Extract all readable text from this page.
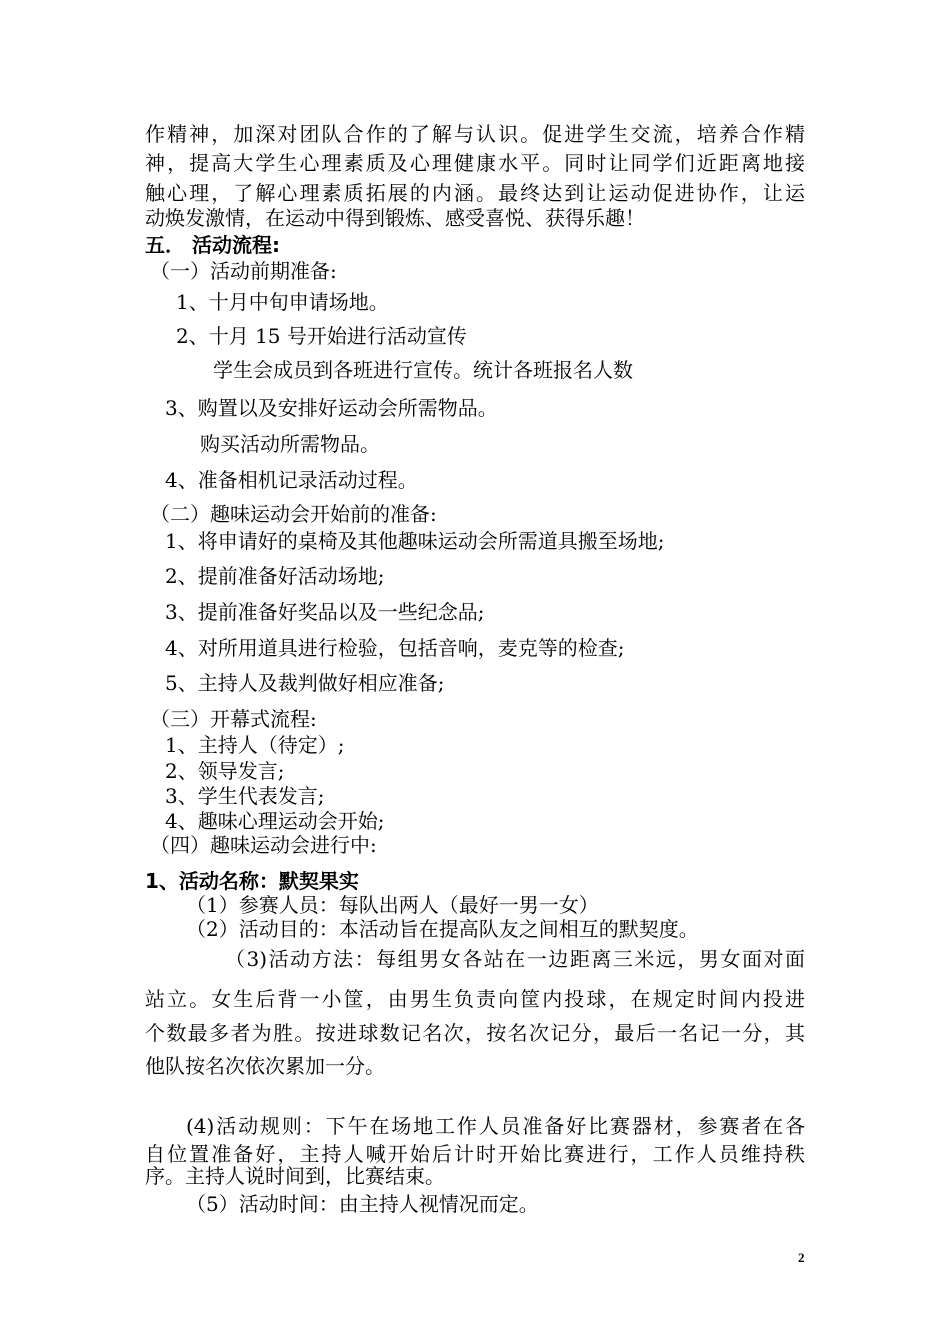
作精神，加深对团队合作的了解与认识。促进学生交流，培养合作精
神，提高大学生心理素质及心理健康水平。同时让同学们近距离地接
触心理，了解心理素质拓展的内涵。最终达到让运动促进协作，让运
动焕发激情，在运动中得到锻炼、感受喜悦、获得乐趣！
五． 活动流程:
（一）活动前期准备:
1、十月中旬申请场地。
2、十月 15 号开始进行活动宣传
学生会成员到各班进行宣传。统计各班报名人数
3、购置以及安排好运动会所需物品。
购买活动所需物品。
4、准备相机记录活动过程。
（二）趣味运动会开始前的准备:
1、将申请好的桌椅及其他趣味运动会所需道具搬至场地;
2、提前准备好活动场地;
3、提前准备好奖品以及一些纪念品;
4、对所用道具进行检验，包括音响，麦克等的检查;
5、主持人及裁判做好相应准备;
（三）开幕式流程:
1、主持人（待定）;
2、领导发言;
3、学生代表发言;
4、趣味心理运动会开始;
（四）趣味运动会进行中:
1、活动名称：默契果实
（1）参赛人员：每队出两人（最好一男一女）
（2）活动目的：本活动旨在提高队友之间相互的默契度。
（3)活动方法：每组男女各站在一边距离三米远，男女面对面
站立。女生后背一小筐，由男生负责向筐内投球，在规定时间内投进
个数最多者为胜。按进球数记名次，按名次记分，最后一名记一分，其
他队按名次依次累加一分。
(4)活动规则：下午在场地工作人员准备好比赛器材，参赛者在各
自位置准备好，主持人喊开始后计时开始比赛进行，工作人员维持秩
序。主持人说时间到，比赛结束。
（5）活动时间：由主持人视情况而定。
2
